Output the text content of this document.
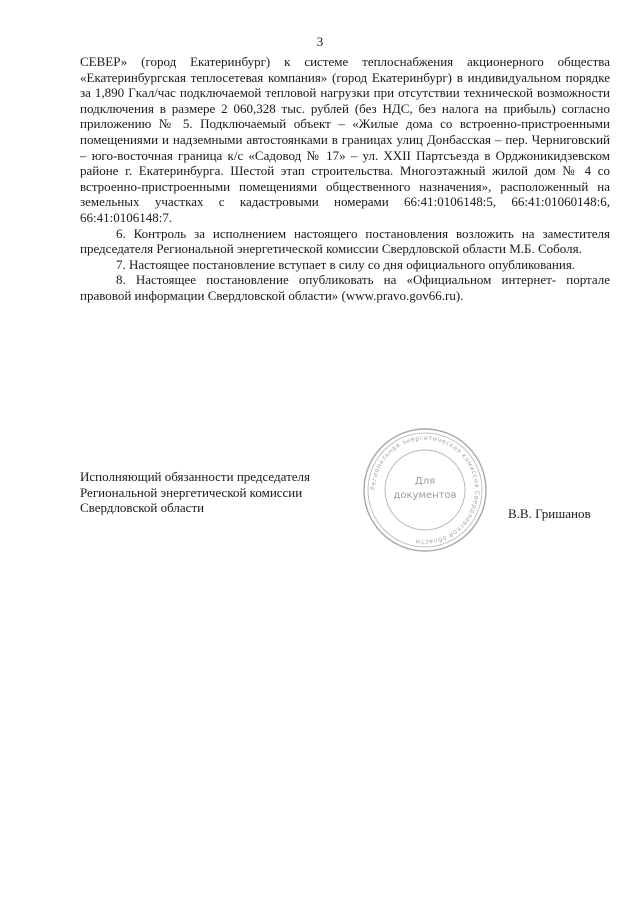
3

СЕВЕР» (город Екатеринбург) к системе теплоснабжения акционерного общества «Екатеринбургская теплосетевая компания» (город Екатеринбург) в индивидуальном порядке за 1,890 Гкал/час подключаемой тепловой нагрузки при отсутствии технической возможности подключения в размере 2 060,328 тыс. рублей (без НДС, без налога на прибыль) согласно приложению № 5. Подключаемый объект – «Жилые дома со встроенно-пристроенными помещениями и надземными автостоянками в границах улиц Донбасская – пер. Черниговский – юго-восточная граница к/с «Садовод № 17» – ул. XXII Партсъезда в Орджоникидзевском районе г. Екатеринбурга. Шестой этап строительства. Многоэтажный жилой дом № 4 со встроенно-пристроенными помещениями общественного назначения», расположенный на земельных участках с кадастровыми номерами 66:41:0106148:5, 66:41:01060148:6, 66:41:0106148:7.

6. Контроль за исполнением настоящего постановления возложить на заместителя председателя Региональной энергетической комиссии Свердловской области М.Б. Соболя.

7. Настоящее постановление вступает в силу со дня официального опубликования.

8. Настоящее постановление опубликовать на «Официальном интернет- портале правовой информации Свердловской области» (www.pravo.gov66.ru).

Исполняющий обязанности председателя
Региональной энергетической комиссии
Свердловской области
Региональная энергетическая комиссия Свердловской области
Для
документов
В.В. Гришанов
